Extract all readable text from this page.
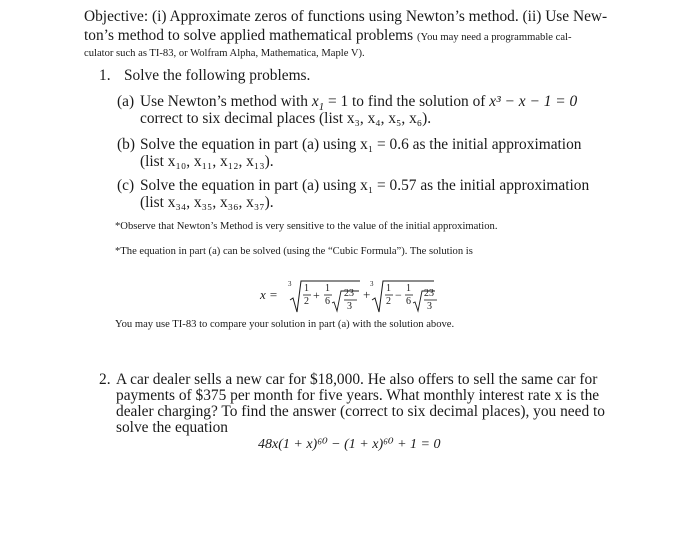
Objective: (i) Approximate zeros of functions using Newton’s method. (ii) Use New-
ton’s method to solve applied mathematical problems (You may need a programmable cal-
culator such as TI-83, or Wolfram Alpha, Mathematica, Maple V).
1. Solve the following problems.
(a) Use Newton’s method with $x_1 = 1$ to find the solution of x³ − x − 1 = 0
correct to six decimal places (list x₃, x₄, x₅, x₆).
(b) Solve the equation in part (a) using x₁ = 0.6 as the initial approximation
(list x₁₀, x₁₁, x₁₂, x₁₃).
(c) Solve the equation in part (a) using x₁ = 0.57 as the initial approximation
(list x₃₄, x₃₅, x₃₆, x₃₇).
*Observe that Newton’s Method is very sensitive to the value of the initial approximation.
*The equation in part (a) can be solved (using the “Cubic Formula”). The solution is
x =
3 1
2 + 1
6
23
3
+
3 1
2 − 1
6
23
3
You may use TI-83 to compare your solution in part (a) with the solution above.
2. A car dealer sells a new car for $18,000. He also offers to sell the same car for
payments of $375 per month for five years. What monthly interest rate x is the
dealer charging? To find the answer (correct to six decimal places), you need to
solve the equation
48x(1 + x)⁶⁰ − (1 + x)⁶⁰ + 1 = 0
